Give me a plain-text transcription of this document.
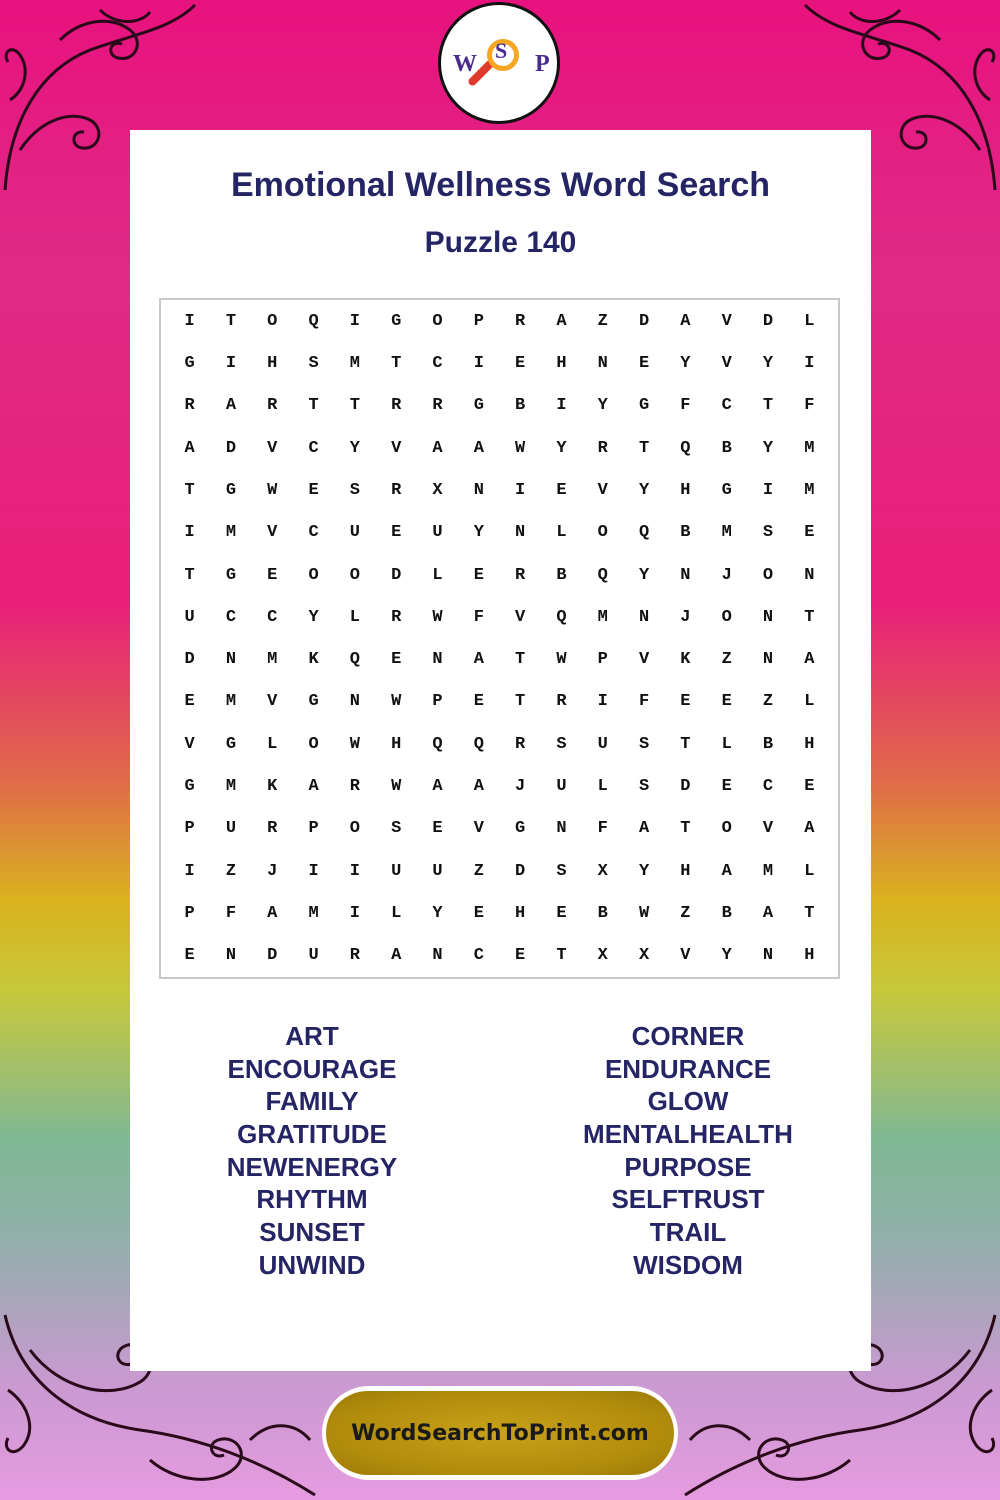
W
S
P
Emotional Wellness Word Search
Puzzle 140
I	T	O	Q	I	G	O	P	R	A	Z	D	A	V	D	L
G	I	H	S	M	T	C	I	E	H	N	E	Y	V	Y	I
R	A	R	T	T	R	R	G	B	I	Y	G	F	C	T	F
A	D	V	C	Y	V	A	A	W	Y	R	T	Q	B	Y	M
T	G	W	E	S	R	X	N	I	E	V	Y	H	G	I	M
I	M	V	C	U	E	U	Y	N	L	O	Q	B	M	S	E
T	G	E	O	O	D	L	E	R	B	Q	Y	N	J	O	N
U	C	C	Y	L	R	W	F	V	Q	M	N	J	O	N	T
D	N	M	K	Q	E	N	A	T	W	P	V	K	Z	N	A
E	M	V	G	N	W	P	E	T	R	I	F	E	E	Z	L
V	G	L	O	W	H	Q	Q	R	S	U	S	T	L	B	H
G	M	K	A	R	W	A	A	J	U	L	S	D	E	C	E
P	U	R	P	O	S	E	V	G	N	F	A	T	O	V	A
I	Z	J	I	I	U	U	Z	D	S	X	Y	H	A	M	L
P	F	A	M	I	L	Y	E	H	E	B	W	Z	B	A	T
E	N	D	U	R	A	N	C	E	T	X	X	V	Y	N	H
ART
ENCOURAGE
FAMILY
GRATITUDE
NEWENERGY
RHYTHM
SUNSET
UNWIND
CORNER
ENDURANCE
GLOW
MENTALHEALTH
PURPOSE
SELFTRUST
TRAIL
WISDOM
WordSearchToPrint.com
